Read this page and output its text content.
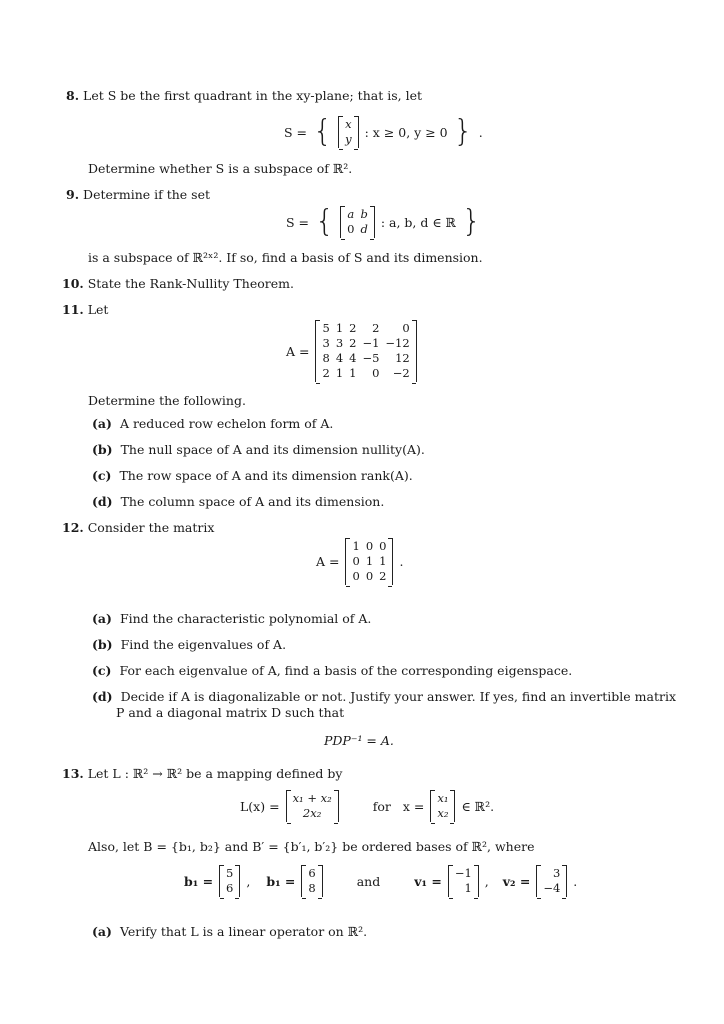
8. Let S be the first quadrant in the xy-plane; that is, let
S = { x
y : x ≥ 0, y ≥ 0 } .
Determine whether S is a subspace of ℝ².
9. Determine if the set
S = { a b
0 d : a, b, d ∈ ℝ }
is a subspace of ℝ²ˣ². If so, find a basis of S and its dimension.
10. State the Rank-Nullity Theorem.
11. Let
A =
5 1 2	2	0
3 3 2 −1 −12
8 4 4 −5	12
2 1 1	0	−2
Determine the following.
(a) A reduced row echelon form of A.
(b) The null space of A and its dimension nullity(A).
(c) The row space of A and its dimension rank(A).
(d) The column space of A and its dimension.
12. Consider the matrix
A =
1 0 0
0 1 1
0 0 2
.
(a) Find the characteristic polynomial of A.
(b) Find the eigenvalues of A.
(c) For each eigenvalue of A, find a basis of the corresponding eigenspace.
(d) Decide if A is diagonalizable or not. Justify your answer. If yes, find an invertible matrix
P and a diagonal matrix D such that
PDP⁻¹ = A.
13. Let L : ℝ² → ℝ² be a mapping defined by
L(x) =
x₁ + x₂
2x₂	for x =
x₁
x₂ ∈ ℝ².
Also, let B = {b₁, b₂} and B′ = {b′₁, b′₂} be ordered bases of ℝ², where
b₁ =
5
6 , b₁ =
6
8	and	v₁ =
−1
1 , v₂ =
3
−4 .
(a) Verify that L is a linear operator on ℝ².
